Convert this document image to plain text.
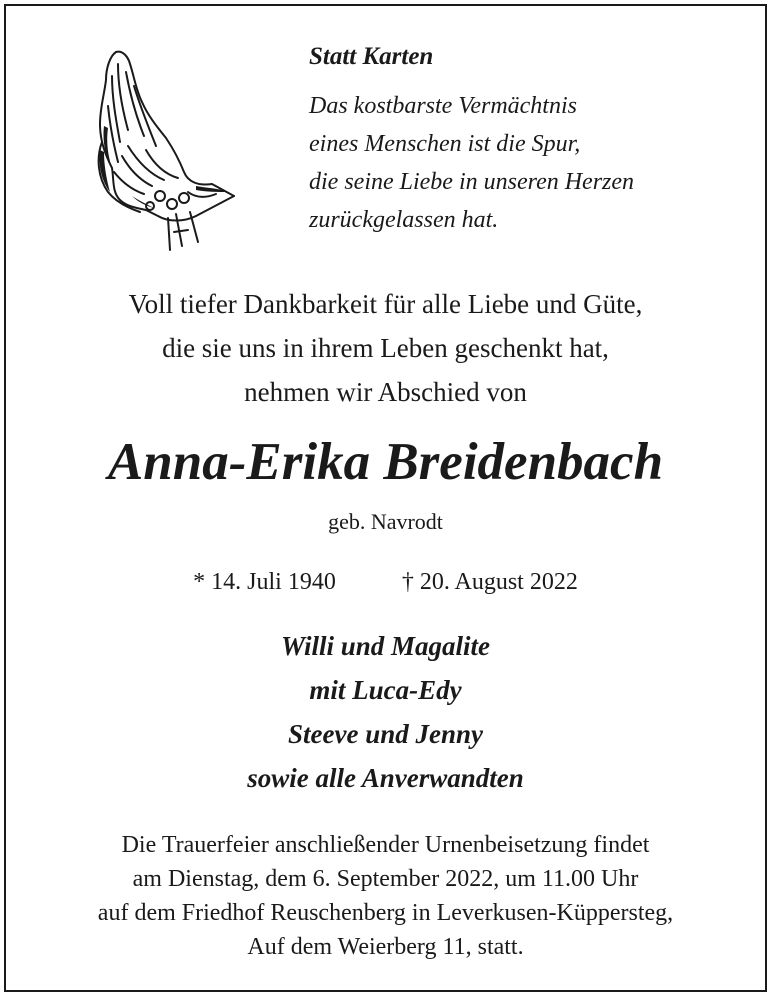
Statt Karten
Das kostbarste Vermächtnis
eines Menschen ist die Spur,
die seine Liebe in unseren Herzen
zurückgelassen hat.
Voll tiefer Dankbarkeit für alle Liebe und Güte,
die sie uns in ihrem Leben geschenkt hat,
nehmen wir Abschied von
Anna-Erika Breidenbach
geb. Navrodt
* 14. Juli 1940	† 20. August 2022
Willi und Magalite
mit Luca-Edy
Steeve und Jenny
sowie alle Anverwandten
Die Trauerfeier anschließender Urnenbeisetzung findet
am Dienstag, dem 6. September 2022, um 11.00 Uhr
auf dem Friedhof Reuschenberg in Leverkusen-Küppersteg,
Auf dem Weierberg 11, statt.
